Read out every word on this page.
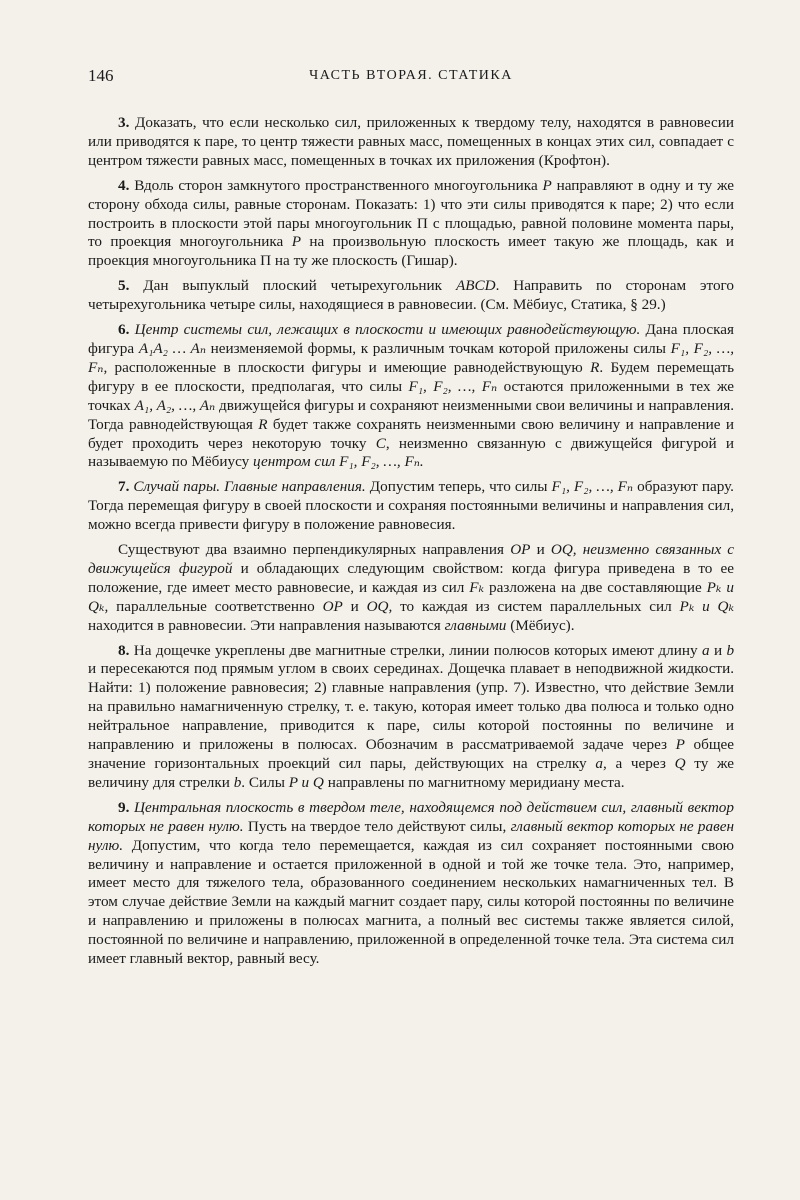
146	ЧАСТЬ ВТОРАЯ. СТАТИКА

3. Доказать, что если несколько сил, приложенных к твердому телу, находятся в равновесии или приводятся к паре, то центр тяжести равных масс, помещенных в концах этих сил, совпадает с центром тяжести равных масс, помещенных в точках их приложения (Крофтон).

4. Вдоль сторон замкнутого пространственного многоугольника P направляют в одну и ту же сторону обхода силы, равные сторонам. Показать: 1) что эти силы приводятся к паре; 2) что если построить в плоскости этой пары многоугольник П с площадью, равной половине момента пары, то проекция многоугольника P на произвольную плоскость имеет такую же площадь, как и проекция многоугольника П на ту же плоскость (Гишар).

5. Дан выпуклый плоский четырехугольник ABCD. Направить по сторонам этого четырехугольника четыре силы, находящиеся в равновесии. (См. Мёбиус, Статика, § 29.)

6. Центр системы сил, лежащих в плоскости и имеющих равнодействующую. Дана плоская фигура A₁A₂ … Aₙ неизменяемой формы, к различным точкам которой приложены силы F₁, F₂, …, Fₙ, расположенные в плоскости фигуры и имеющие равнодействующую R. Будем перемещать фигуру в ее плоскости, предполагая, что силы F₁, F₂, …, Fₙ остаются приложенными в тех же точках A₁, A₂, …, Aₙ движущейся фигуры и сохраняют неизменными свои величины и направления. Тогда равнодействующая R будет также сохранять неизменными свою величину и направление и будет проходить через некоторую точку C, неизменно связанную с движущейся фигурой и называемую по Мёбиусу центром сил F₁, F₂, …, Fₙ.

7. Случай пары. Главные направления. Допустим теперь, что силы F₁, F₂, …, Fₙ образуют пару. Тогда перемещая фигуру в своей плоскости и сохраняя постоянными величины и направления сил, можно всегда привести фигуру в положение равновесия.

Существуют два взаимно перпендикулярных направления OP и OQ, неизменно связанных с движущейся фигурой и обладающих следующим свойством: когда фигура приведена в то ее положение, где имеет место равновесие, и каждая из сил Fₖ разложена на две составляющие Pₖ и Qₖ, параллельные соответственно OP и OQ, то каждая из систем параллельных сил Pₖ и Qₖ находится в равновесии. Эти направления называются главными (Мёбиус).

8. На дощечке укреплены две магнитные стрелки, линии полюсов которых имеют длину a и b и пересекаются под прямым углом в своих серединах. Дощечка плавает в неподвижной жидкости. Найти: 1) положение равновесия; 2) главные направления (упр. 7). Известно, что действие Земли на правильно намагниченную стрелку, т. е. такую, которая имеет только два полюса и только одно нейтральное направление, приводится к паре, силы которой постоянны по величине и направлению и приложены в полюсах. Обозначим в рассматриваемой задаче через P общее значение горизонтальных проекций сил пары, действующих на стрелку a, а через Q ту же величину для стрелки b. Силы P и Q направлены по магнитному меридиану места.

9. Центральная плоскость в твердом теле, находящемся под действием сил, главный вектор которых не равен нулю. Пусть на твердое тело действуют силы, главный вектор которых не равен нулю. Допустим, что когда тело перемещается, каждая из сил сохраняет постоянными свою величину и направление и остается приложенной в одной и той же точке тела. Это, например, имеет место для тяжелого тела, образованного соединением нескольких намагниченных тел. В этом случае действие Земли на каждый магнит создает пару, силы которой постоянны по величине и направлению и приложены в полюсах магнита, а полный вес системы также является силой, постоянной по величине и направлению, приложенной в определенной точке тела. Эта система сил имеет главный вектор, равный весу.
